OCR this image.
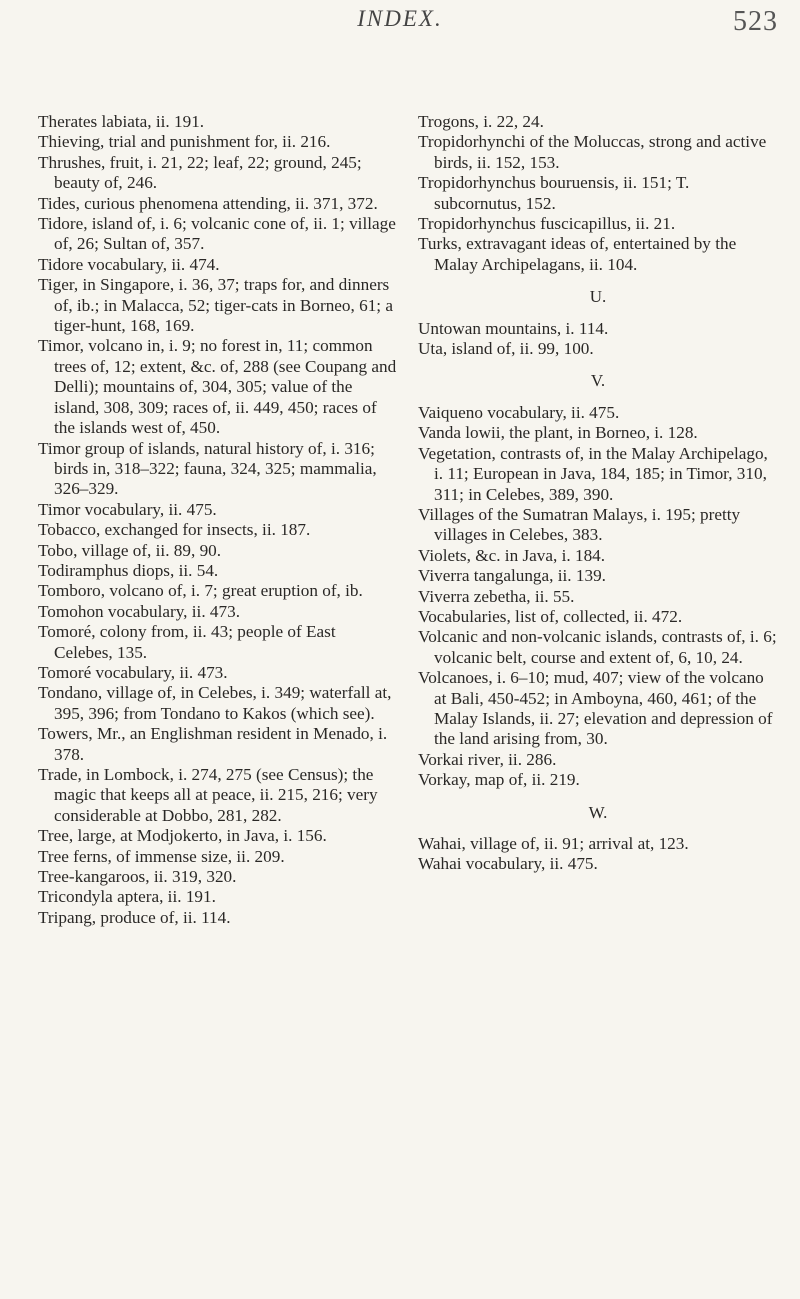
INDEX.	523
Therates labiata, ii. 191.
Thieving, trial and punishment for, ii. 216.
Thrushes, fruit, i. 21, 22; leaf, 22; ground, 245; beauty of, 246.
Tides, curious phenomena attending, ii. 371, 372.
Tidore, island of, i. 6; volcanic cone of, ii. 1; village of, 26; Sultan of, 357.
Tidore vocabulary, ii. 474.
Tiger, in Singapore, i. 36, 37; traps for, and dinners of, ib.; in Malacca, 52; tiger-cats in Borneo, 61; a tiger-hunt, 168, 169.
Timor, volcano in, i. 9; no forest in, 11; common trees of, 12; extent, &c. of, 288 (see Coupang and Delli); mountains of, 304, 305; value of the island, 308, 309; races of, ii. 449, 450; races of the islands west of, 450.
Timor group of islands, natural history of, i. 316; birds in, 318–322; fauna, 324, 325; mammalia, 326–329.
Timor vocabulary, ii. 475.
Tobacco, exchanged for insects, ii. 187.
Tobo, village of, ii. 89, 90.
Todiramphus diops, ii. 54.
Tomboro, volcano of, i. 7; great eruption of, ib.
Tomohon vocabulary, ii. 473.
Tomoré, colony from, ii. 43; people of East Celebes, 135.
Tomoré vocabulary, ii. 473.
Tondano, village of, in Celebes, i. 349; waterfall at, 395, 396; from Tondano to Kakos (which see).
Towers, Mr., an Englishman resident in Menado, i. 378.
Trade, in Lombock, i. 274, 275 (see Census); the magic that keeps all at peace, ii. 215, 216; very considerable at Dobbo, 281, 282.
Tree, large, at Modjokerto, in Java, i. 156.
Tree ferns, of immense size, ii. 209.
Tree-kangaroos, ii. 319, 320.
Tricondyla aptera, ii. 191.
Tripang, produce of, ii. 114.
Trogons, i. 22, 24.
Tropidorhynchi of the Moluccas, strong and active birds, ii. 152, 153.
Tropidorhynchus bouruensis, ii. 151; T. subcornutus, 152.
Tropidorhynchus fuscicapillus, ii. 21.
Turks, extravagant ideas of, entertained by the Malay Archipelagans, ii. 104.
U.
Untowan mountains, i. 114.
Uta, island of, ii. 99, 100.
V.
Vaiqueno vocabulary, ii. 475.
Vanda lowii, the plant, in Borneo, i. 128.
Vegetation, contrasts of, in the Malay Archipelago, i. 11; European in Java, 184, 185; in Timor, 310, 311; in Celebes, 389, 390.
Villages of the Sumatran Malays, i. 195; pretty villages in Celebes, 383.
Violets, &c. in Java, i. 184.
Viverra tangalunga, ii. 139.
Viverra zebetha, ii. 55.
Vocabularies, list of, collected, ii. 472.
Volcanic and non-volcanic islands, contrasts of, i. 6; volcanic belt, course and extent of, 6, 10, 24.
Volcanoes, i. 6–10; mud, 407; view of the volcano at Bali, 450-452; in Amboyna, 460, 461; of the Malay Islands, ii. 27; elevation and depression of the land arising from, 30.
Vorkai river, ii. 286.
Vorkay, map of, ii. 219.
W.
Wahai, village of, ii. 91; arrival at, 123.
Wahai vocabulary, ii. 475.
